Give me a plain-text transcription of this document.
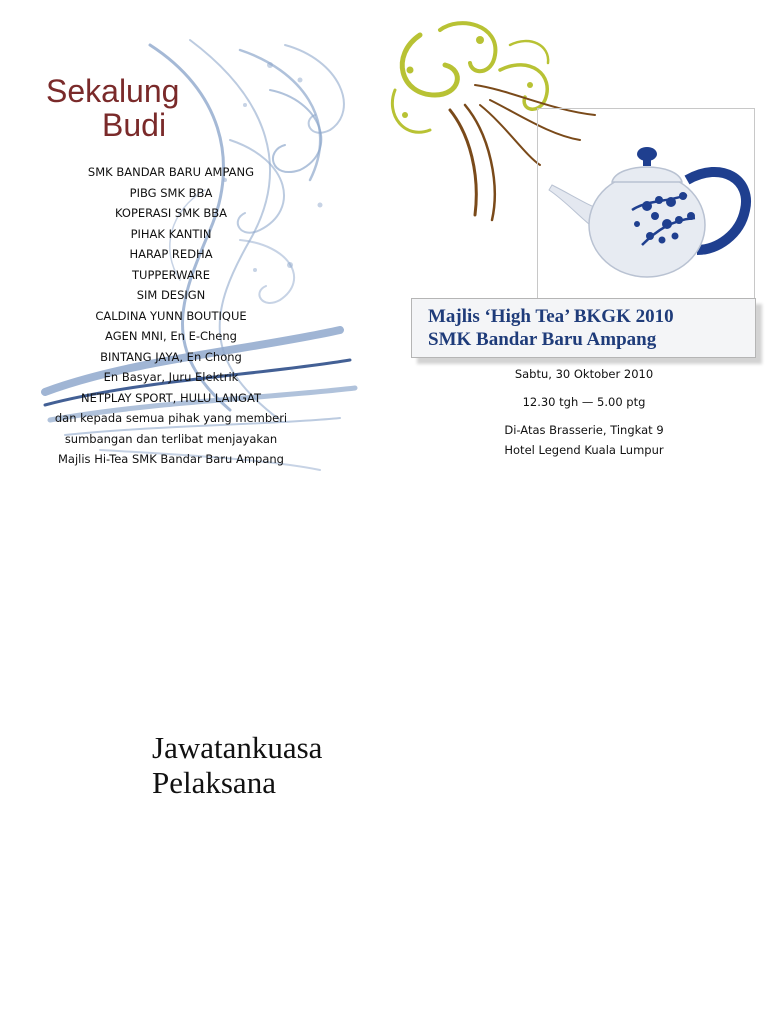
Sekalung
Budi
SMK BANDAR BARU AMPANG
PIBG SMK BBA
KOPERASI SMK BBA
PIHAK KANTIN
HARAP REDHA
TUPPERWARE
SIM DESIGN
CALDINA YUNN BOUTIQUE
AGEN MNI, En E-Cheng
BINTANG JAYA, En Chong
En Basyar, Juru Elektrik
NETPLAY SPORT, HULU LANGAT
dan kepada semua pihak yang memberi
sumbangan dan terlibat menjayakan
Majlis Hi-Tea SMK Bandar Baru Ampang

Majlis ‘High Tea’ BKGK 2010

SMK Bandar Baru Ampang

Sabtu, 30 Oktober 2010

12.30 tgh — 5.00 ptg

Di-Atas Brasserie, Tingkat 9

Hotel Legend Kuala Lumpur

Jawatankuasa
Pelaksana
